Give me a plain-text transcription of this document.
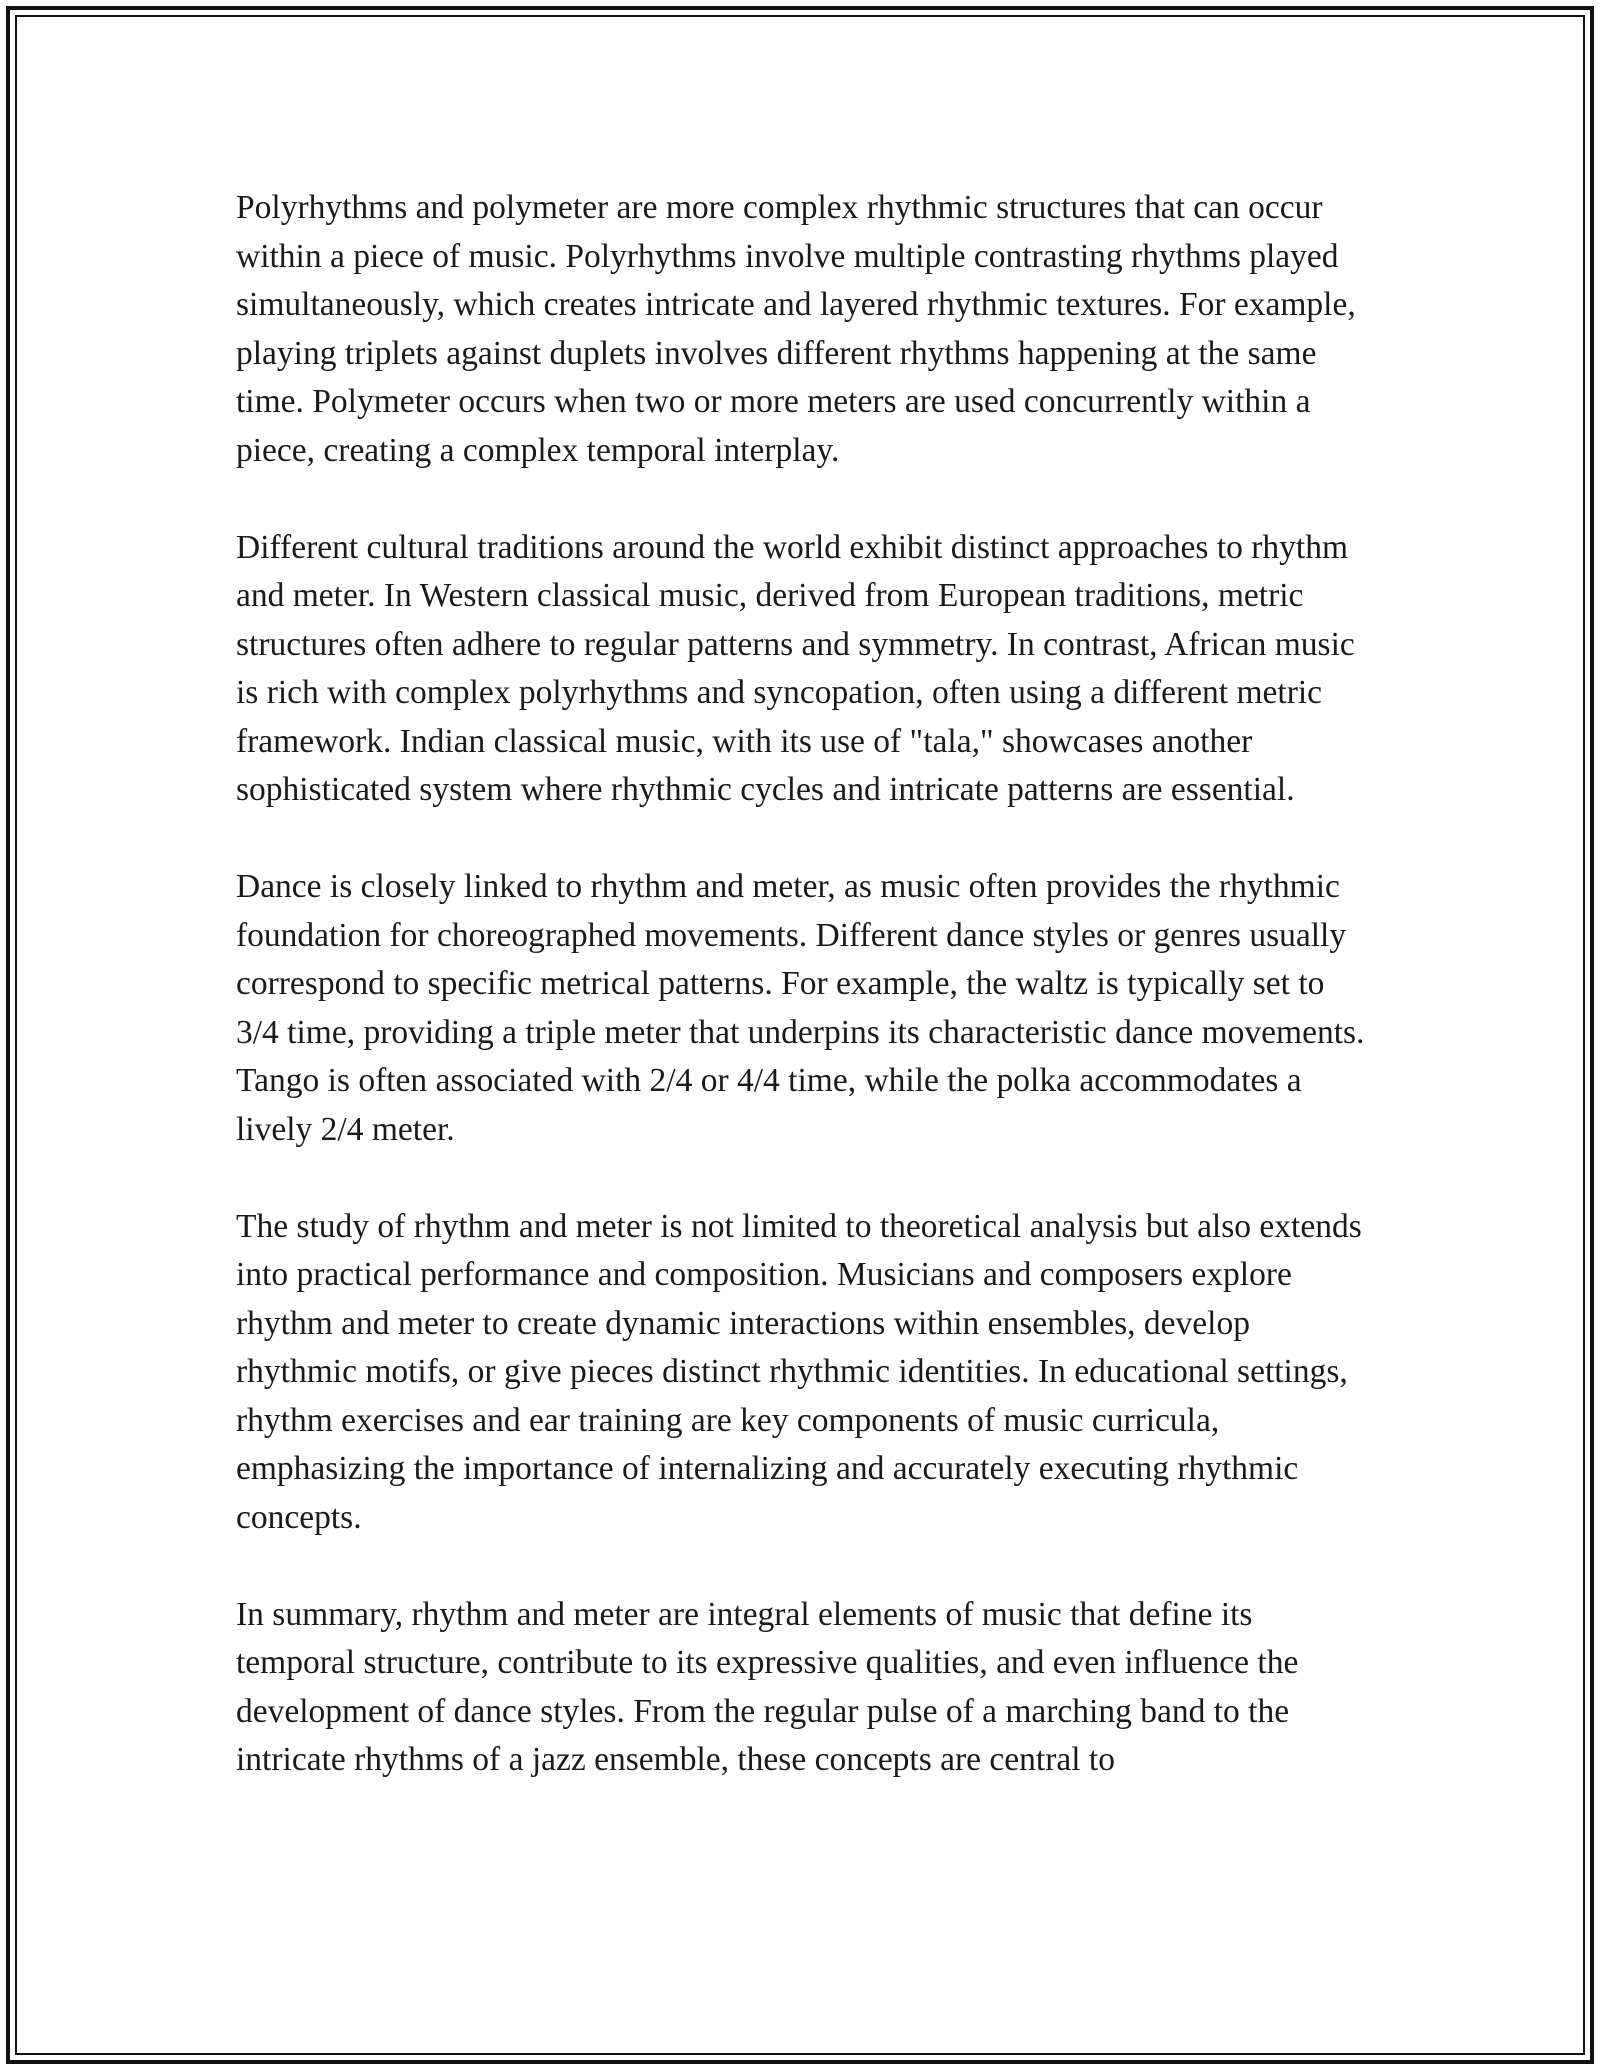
Polyrhythms and polymeter are more complex rhythmic structures that can occur within a piece of music. Polyrhythms involve multiple contrasting rhythms played simultaneously, which creates intricate and layered rhythmic textures. For example, playing triplets against duplets involves different rhythms happening at the same time. Polymeter occurs when two or more meters are used concurrently within a piece, creating a complex temporal interplay.

Different cultural traditions around the world exhibit distinct approaches to rhythm and meter. In Western classical music, derived from European traditions, metric structures often adhere to regular patterns and symmetry. In contrast, African music is rich with complex polyrhythms and syncopation, often using a different metric framework. Indian classical music, with its use of "tala," showcases another sophisticated system where rhythmic cycles and intricate patterns are essential.

Dance is closely linked to rhythm and meter, as music often provides the rhythmic foundation for choreographed movements. Different dance styles or genres usually correspond to specific metrical patterns. For example, the waltz is typically set to 3/4 time, providing a triple meter that underpins its characteristic dance movements. Tango is often associated with 2/4 or 4/4 time, while the polka accommodates a lively 2/4 meter.

The study of rhythm and meter is not limited to theoretical analysis but also extends into practical performance and composition. Musicians and composers explore rhythm and meter to create dynamic interactions within ensembles, develop rhythmic motifs, or give pieces distinct rhythmic identities. In educational settings, rhythm exercises and ear training are key components of music curricula, emphasizing the importance of internalizing and accurately executing rhythmic concepts.

In summary, rhythm and meter are integral elements of music that define its temporal structure, contribute to its expressive qualities, and even influence the development of dance styles. From the regular pulse of a marching band to the intricate rhythms of a jazz ensemble, these concepts are central to
